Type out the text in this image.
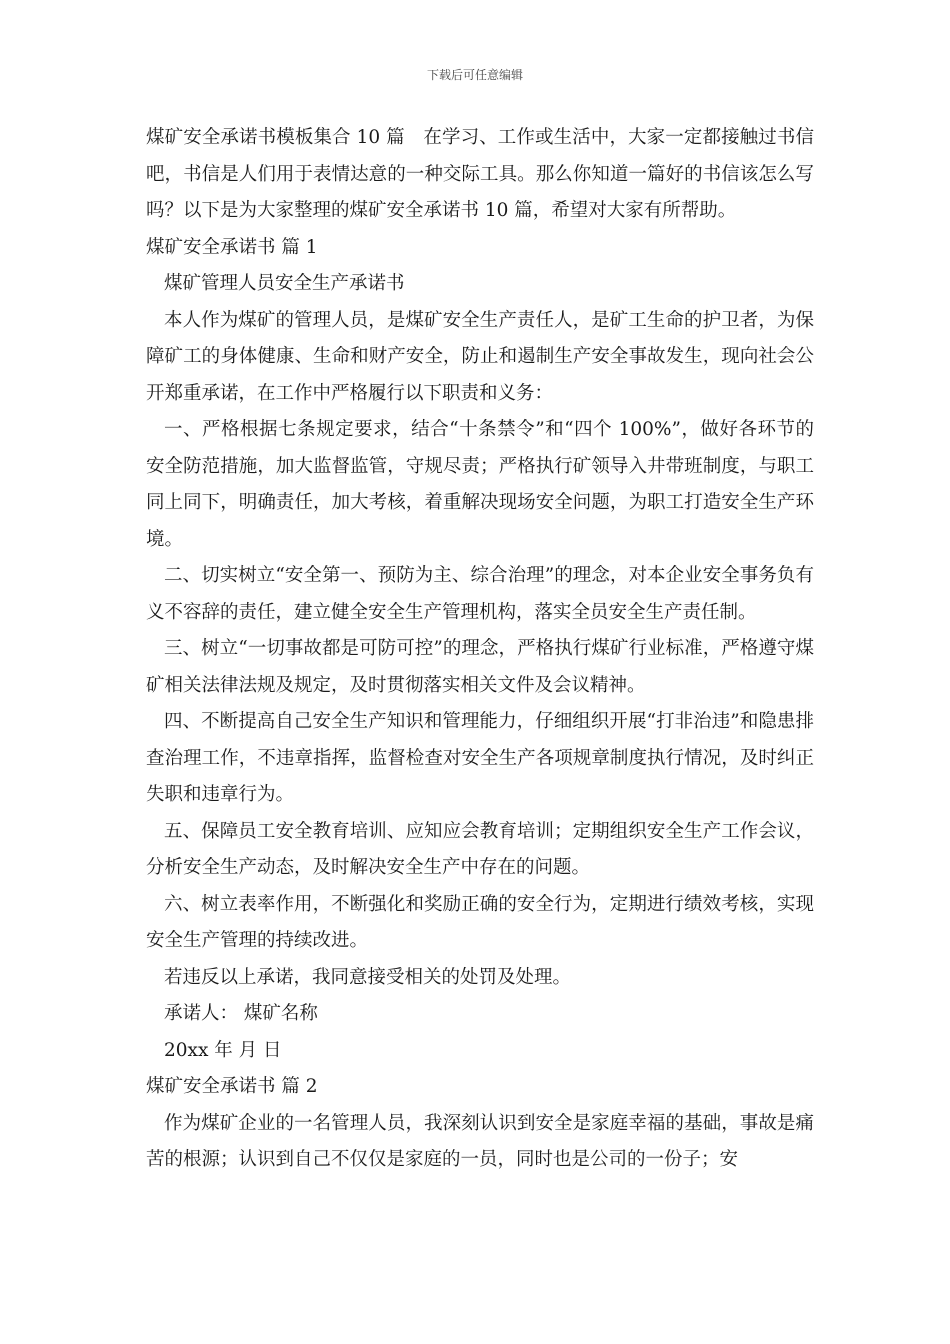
下载后可任意编辑

煤矿安全承诺书模板集合 10 篇　在学习、工作或生活中，大家一定都接触过书信吧，书信是人们用于表情达意的一种交际工具。那么你知道一篇好的书信该怎么写吗？以下是为大家整理的煤矿安全承诺书 10 篇，希望对大家有所帮助。

煤矿安全承诺书 篇 1

煤矿管理人员安全生产承诺书

本人作为煤矿的管理人员，是煤矿安全生产责任人，是矿工生命的护卫者，为保障矿工的身体健康、生命和财产安全，防止和遏制生产安全事故发生，现向社会公开郑重承诺，在工作中严格履行以下职责和义务：

一、严格根据七条规定要求，结合“十条禁令”和“四个 100%”，做好各环节的安全防范措施，加大监督监管，守规尽责；严格执行矿领导入井带班制度，与职工同上同下，明确责任，加大考核，着重解决现场安全问题，为职工打造安全生产环境。

二、切实树立“安全第一、预防为主、综合治理”的理念，对本企业安全事务负有义不容辞的责任，建立健全安全生产管理机构，落实全员安全生产责任制。

三、树立“一切事故都是可防可控”的理念，严格执行煤矿行业标准，严格遵守煤矿相关法律法规及规定，及时贯彻落实相关文件及会议精神。

四、不断提高自己安全生产知识和管理能力，仔细组织开展“打非治违”和隐患排查治理工作，不违章指挥，监督检查对安全生产各项规章制度执行情况，及时纠正失职和违章行为。

五、保障员工安全教育培训、应知应会教育培训；定期组织安全生产工作会议，分析安全生产动态，及时解决安全生产中存在的问题。

六、树立表率作用，不断强化和奖励正确的安全行为，定期进行绩效考核，实现安全生产管理的持续改进。

若违反以上承诺，我同意接受相关的处罚及处理。

承诺人： 煤矿名称

20xx 年 月 日

煤矿安全承诺书 篇 2

作为煤矿企业的一名管理人员，我深刻认识到安全是家庭幸福的基础，事故是痛苦的根源；认识到自己不仅仅是家庭的一员，同时也是公司的一份子；安
